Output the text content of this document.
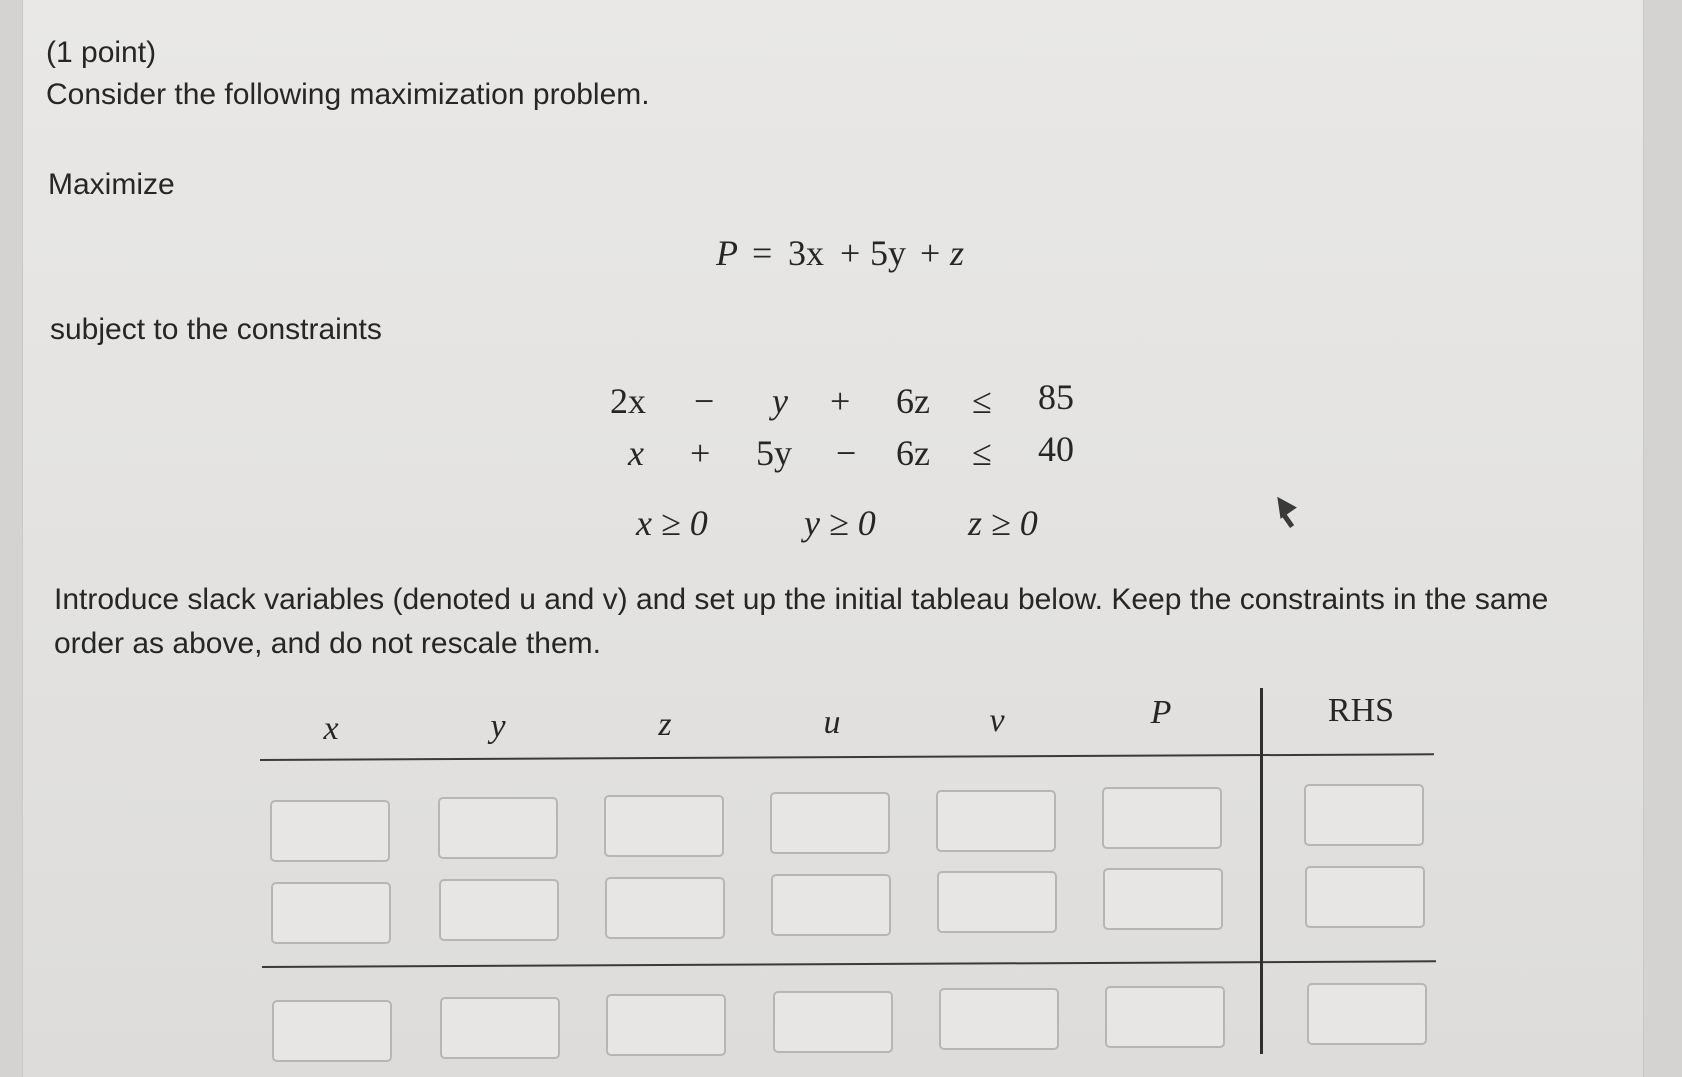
(1 point)
Consider the following maximization problem.
Maximize
P = 3x + 5y + z
subject to the constraints
2x − y + 6z ≤ 85
x + 5y − 6z ≤ 40
x ≥ 0	y ≥ 0	z ≥ 0
Introduce slack variables (denoted u and v) and set up the initial tableau below. Keep the constraints in the same
order as above, and do not rescale them.
x	y	z	u	v	P	RHS
